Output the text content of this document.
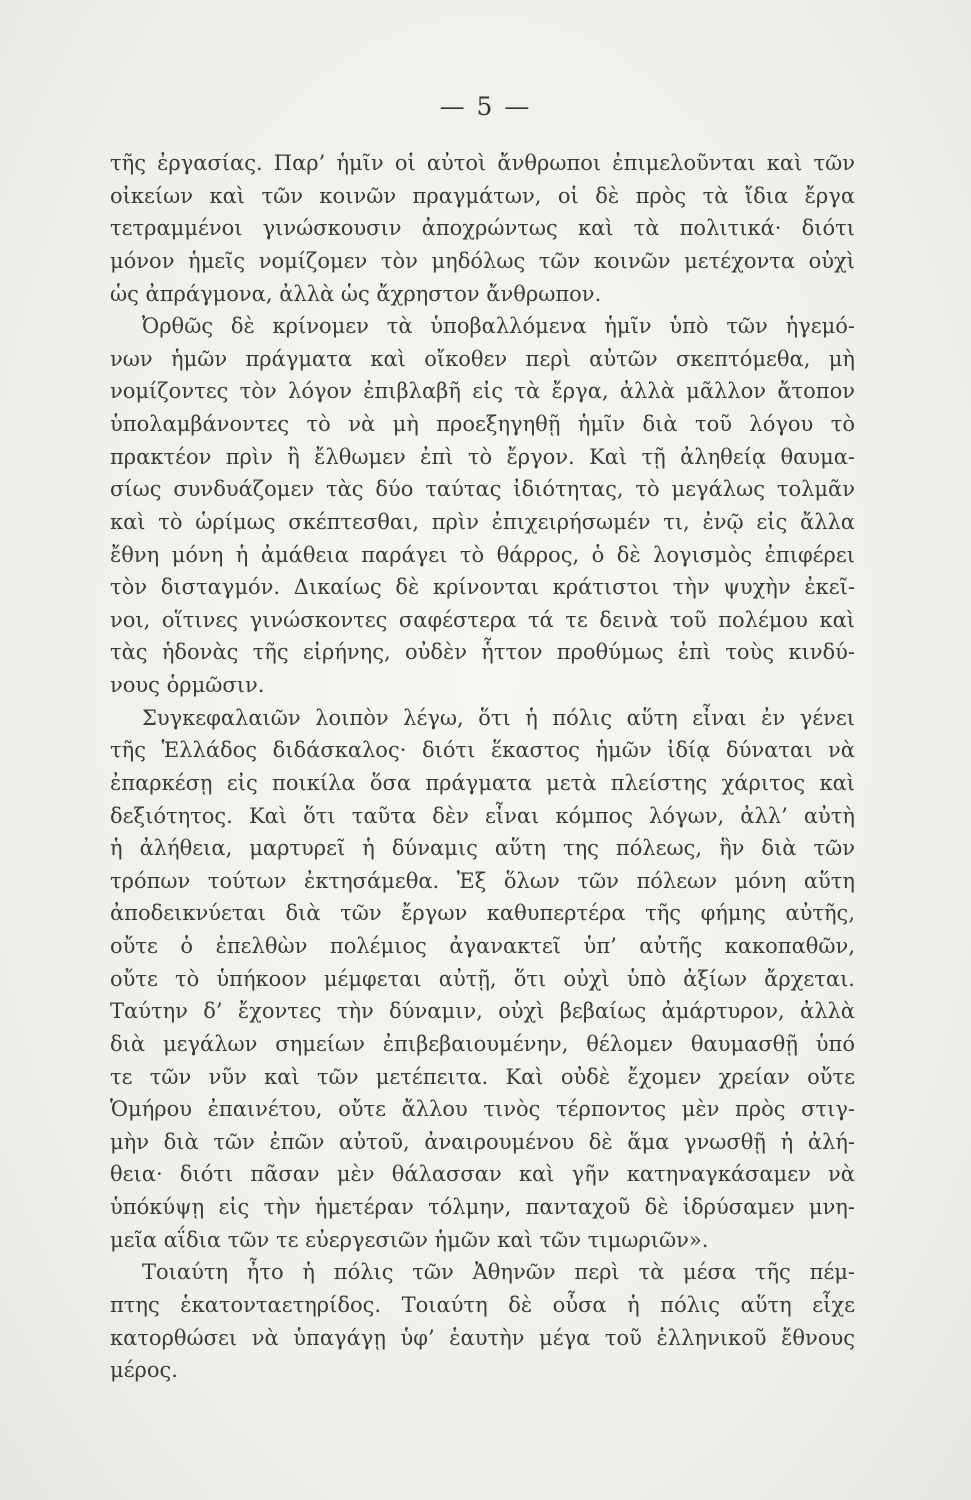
— 5 —
τῆς ἐργασίας. Παρ’ ἡμῖν οἱ αὐτοὶ ἄνθρωποι ἐπιμελοῦνται καὶ τῶν
οἰκείων καὶ τῶν κοινῶν πραγμάτων, οἱ δὲ πρὸς τὰ ἴδια ἔργα
τετραμμένοι γινώσκουσιν ἀποχρώντως καὶ τὰ πολιτικά· διότι
μόνον ἡμεῖς νομίζομεν τὸν μηδόλως τῶν κοινῶν μετέχοντα οὐχὶ
ὡς ἀπράγμονα, ἀλλὰ ὡς ἄχρηστον ἄνθρωπον.
Ὀρθῶς δὲ κρίνομεν τὰ ὑποβαλλόμενα ἡμῖν ὑπὸ τῶν ἡγεμό-
νων ἡμῶν πράγματα καὶ οἴκοθεν περὶ αὐτῶν σκεπτόμεθα, μὴ
νομίζοντες τὸν λόγον ἐπιβλαβῆ εἰς τὰ ἔργα, ἀλλὰ μᾶλλον ἄτοπον
ὑπολαμβάνοντες τὸ νὰ μὴ προεξηγηθῇ ἡμῖν διὰ τοῦ λόγου τὸ
πρακτέον πρὶν ἢ ἔλθωμεν ἐπὶ τὸ ἔργον. Καὶ τῇ ἀληθείᾳ θαυμα-
σίως συνδυάζομεν τὰς δύο ταύτας ἰδιότητας, τὸ μεγάλως τολμᾶν
καὶ τὸ ὡρίμως σκέπτεσθαι, πρὶν ἐπιχειρήσωμέν τι, ἐνῷ εἰς ἄλλα
ἔθνη μόνη ἡ ἀμάθεια παράγει τὸ θάρρος, ὁ δὲ λογισμὸς ἐπιφέρει
τὸν δισταγμόν. Δικαίως δὲ κρίνονται κράτιστοι τὴν ψυχὴν ἐκεῖ-
νοι, οἵτινες γινώσκοντες σαφέστερα τά τε δεινὰ τοῦ πολέμου καὶ
τὰς ἡδονὰς τῆς εἰρήνης, οὐδὲν ἧττον προθύμως ἐπὶ τοὺς κινδύ-
νους ὁρμῶσιν.
Συγκεφαλαιῶν λοιπὸν λέγω, ὅτι ἡ πόλις αὕτη εἶναι ἐν γένει
τῆς Ἑλλάδος διδάσκαλος· διότι ἕκαστος ἡμῶν ἰδίᾳ δύναται νὰ
ἐπαρκέσῃ εἰς ποικίλα ὅσα πράγματα μετὰ πλείστης χάριτος καὶ
δεξιότητος. Καὶ ὅτι ταῦτα δὲν εἶναι κόμπος λόγων, ἀλλ’ αὐτὴ
ἡ ἀλήθεια, μαρτυρεῖ ἡ δύναμις αὕτη της πόλεως, ἣν διὰ τῶν
τρόπων τούτων ἐκτησάμεθα. Ἐξ ὅλων τῶν πόλεων μόνη αὕτη
ἀποδεικνύεται διὰ τῶν ἔργων καθυπερτέρα τῆς φήμης αὐτῆς,
οὔτε ὁ ἐπελθὼν πολέμιος ἀγανακτεῖ ὑπ’ αὐτῆς κακοπαθῶν,
οὔτε τὸ ὑπήκοον μέμφεται αὐτῇ, ὅτι οὐχὶ ὑπὸ ἀξίων ἄρχεται.
Ταύτην δ’ ἔχοντες τὴν δύναμιν, οὐχὶ βεβαίως ἀμάρτυρον, ἀλλὰ
διὰ μεγάλων σημείων ἐπιβεβαιουμένην, θέλομεν θαυμασθῇ ὑπό
τε τῶν νῦν καὶ τῶν μετέπειτα. Καὶ οὐδὲ ἔχομεν χρείαν οὔτε
Ὁμήρου ἐπαινέτου, οὔτε ἄλλου τινὸς τέρποντος μὲν πρὸς στιγ-
μὴν διὰ τῶν ἐπῶν αὐτοῦ, ἀναιρουμένου δὲ ἅμα γνωσθῇ ἡ ἀλή-
θεια· διότι πᾶσαν μὲν θάλασσαν καὶ γῆν κατηναγκάσαμεν νὰ
ὑπόκύψῃ εἰς τὴν ἡμετέραν τόλμην, πανταχοῦ δὲ ἱδρύσαμεν μνη-
μεῖα αΐδια τῶν τε εὐεργεσιῶν ἡμῶν καὶ τῶν τιμωριῶν».
Τοιαύτη ἦτο ἡ πόλις τῶν Ἀθηνῶν περὶ τὰ μέσα τῆς πέμ-
πτης ἑκατονταετηρίδος. Τοιαύτη δὲ οὖσα ἡ πόλις αὕτη εἶχε
κατορθώσει νὰ ὑπαγάγῃ ὑφ’ ἑαυτὴν μέγα τοῦ ἑλληνικοῦ ἔθνους
μέρος.
